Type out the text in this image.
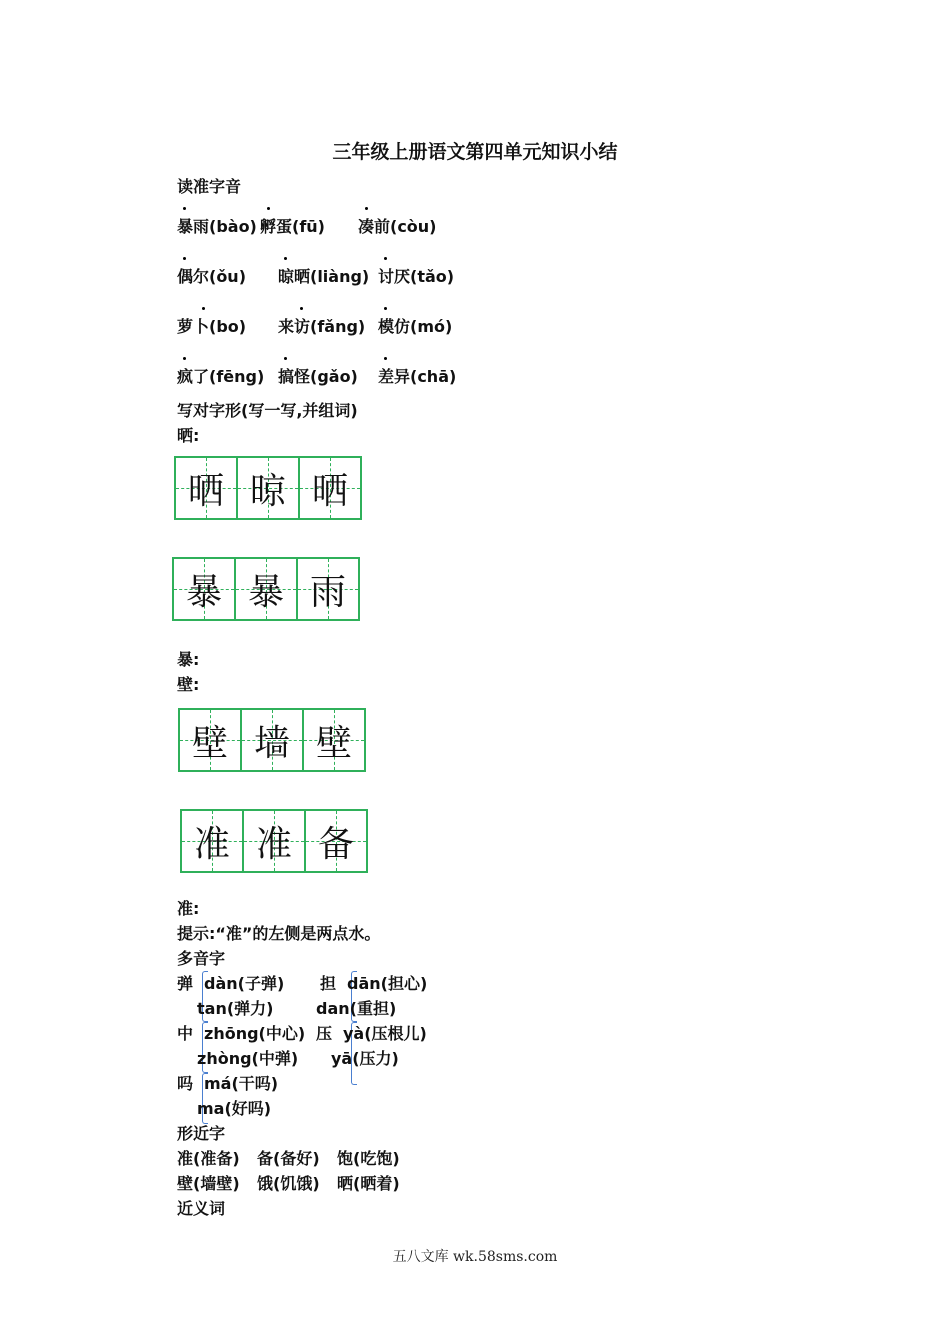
三年级上册语文第四单元知识小结
读准字音
暴雨(bào) 孵蛋(fū) 凑前(còu)
偶尔(ǒu) 晾晒(liàng) 讨厌(tǎo)
萝卜(bo) 来访(fǎng) 模仿(mó)
疯了(fēng) 搞怪(gǎo) 差异(chā)
写对字形(写一写,并组词)
晒:
晒 晾 晒
暴 暴 雨
暴:
壁:
壁 墙 壁
准 准 备
准:
提示:“准”的左侧是两点水。
多音字
弹 dàn(子弹) 担 dān(担心)
tan(弹力)	dan(重担)
中 zhōng(中心) 压 yà(压根儿)
zhòng(中弹) yā(压力)
吗 má(干吗)
ma(好吗)
形近字
准(准备) 备(备好) 饱(吃饱)
壁(墙壁) 饿(饥饿) 晒(晒着)
近义词
五八文库 wk.58sms.com
